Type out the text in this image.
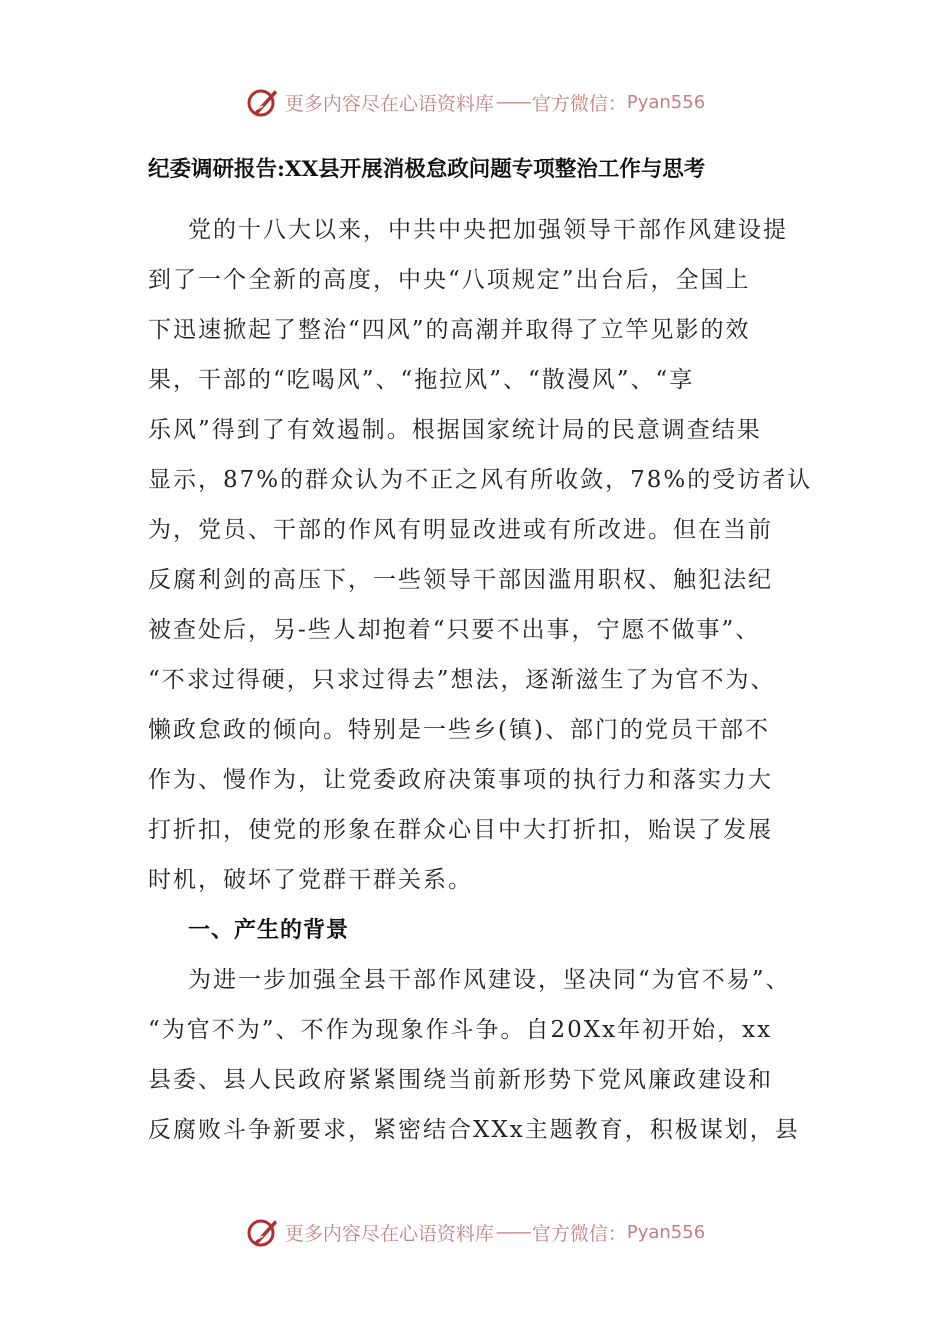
更多内容尽在心语资料库 —— 官方微信： Pyan556
纪委调研报告:XX县开展消极怠政问题专项整治工作与思考
党的十八大以来，中共中央把加强领导干部作风建设提
到了一个全新的高度，中央“八项规定”出台后，全国上
下迅速掀起了整治“四风”的高潮并取得了立竿见影的效
果，干部的“吃喝风”、“拖拉风”、“散漫风”、“享
乐风”得到了有效遏制。根据国家统计局的民意调查结果
显示，87%的群众认为不正之风有所收敛，78%的受访者认
为，党员、干部的作风有明显改进或有所改进。但在当前
反腐利剑的高压下，一些领导干部因滥用职权、触犯法纪
被查处后，另-些人却抱着“只要不出事，宁愿不做事”、
“不求过得硬，只求过得去”想法，逐渐滋生了为官不为、
懒政怠政的倾向。特别是一些乡(镇)、部门的党员干部不
作为、慢作为，让党委政府决策事项的执行力和落实力大
打折扣，使党的形象在群众心目中大打折扣，贻误了发展
时机，破坏了党群干群关系。
一、产生的背景
为进一步加强全县干部作风建设，坚决同“为官不易”、
“为官不为”、不作为现象作斗争。自20Xx年初开始，xx
县委、县人民政府紧紧围绕当前新形势下党风廉政建设和
反腐败斗争新要求，紧密结合XXx主题教育，积极谋划，县
更多内容尽在心语资料库 —— 官方微信： Pyan556
